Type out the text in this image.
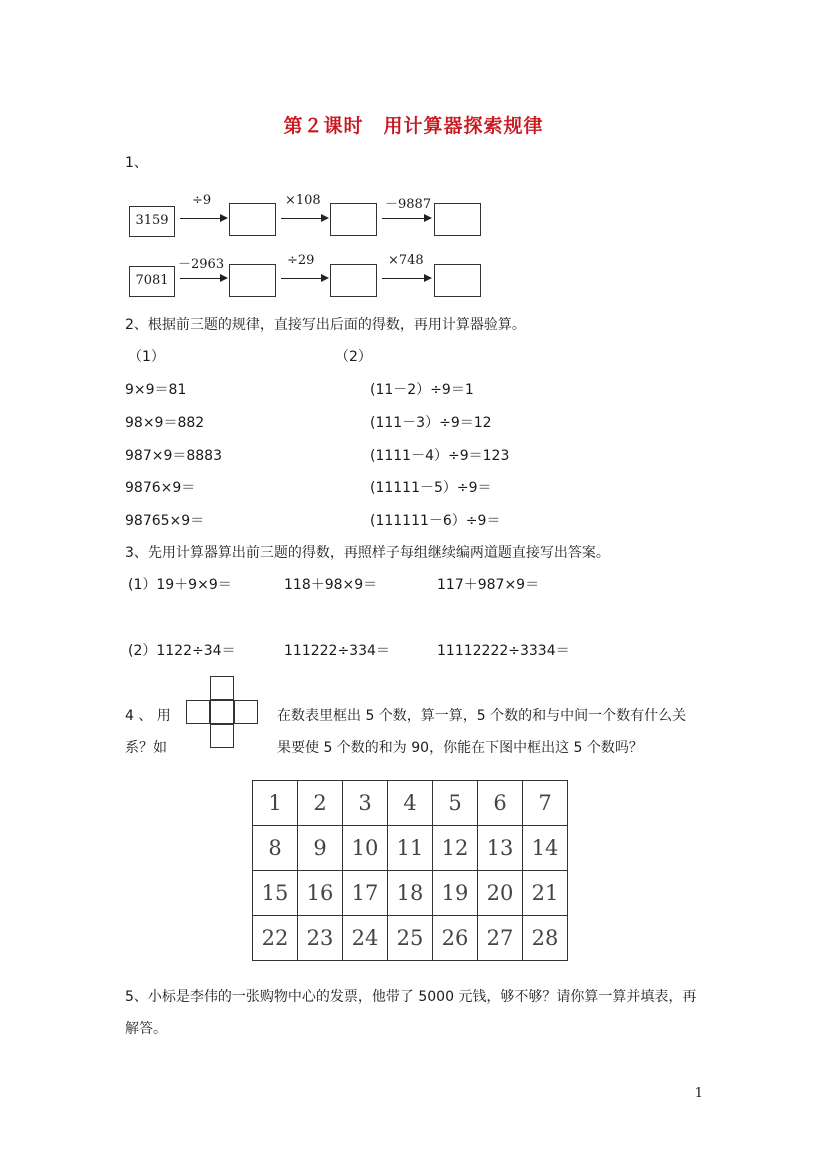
第２课时　用计算器探索规律
1、
3159
÷9	×108	－9887
7081
－2963	÷29	×748
2、根据前三题的规律，直接写出后面的得数，再用计算器验算。
（1）	（2）
9×9＝81
98×9＝882
987×9＝8883
9876×9＝
98765×9＝
(11－2）÷9＝1
(111－3）÷9＝12
(1111－4）÷9＝123
(11111－5）÷9＝
(111111－6）÷9＝
3、先用计算器算出前三题的得数，再照样子每组继续编两道题直接写出答案。
(1）19＋9×9＝	118＋98×9＝	117＋987×9＝
(2）1122÷34＝	111222÷334＝	11112222÷3334＝
4 、 用	在数表里框出 5 个数，算一算，5 个数的和与中间一个数有什么关
系？如	果要使 5 个数的和为 90，你能在下图中框出这 5 个数吗？
1	2	3	4	5	6	7
8	9	10	11	12	13	14
15	16	17	18	19	20	21
22	23	24	25	26	27	28
5、小标是李伟的一张购物中心的发票，他带了 5000 元钱，够不够？请你算一算并填表，再
解答。
1
